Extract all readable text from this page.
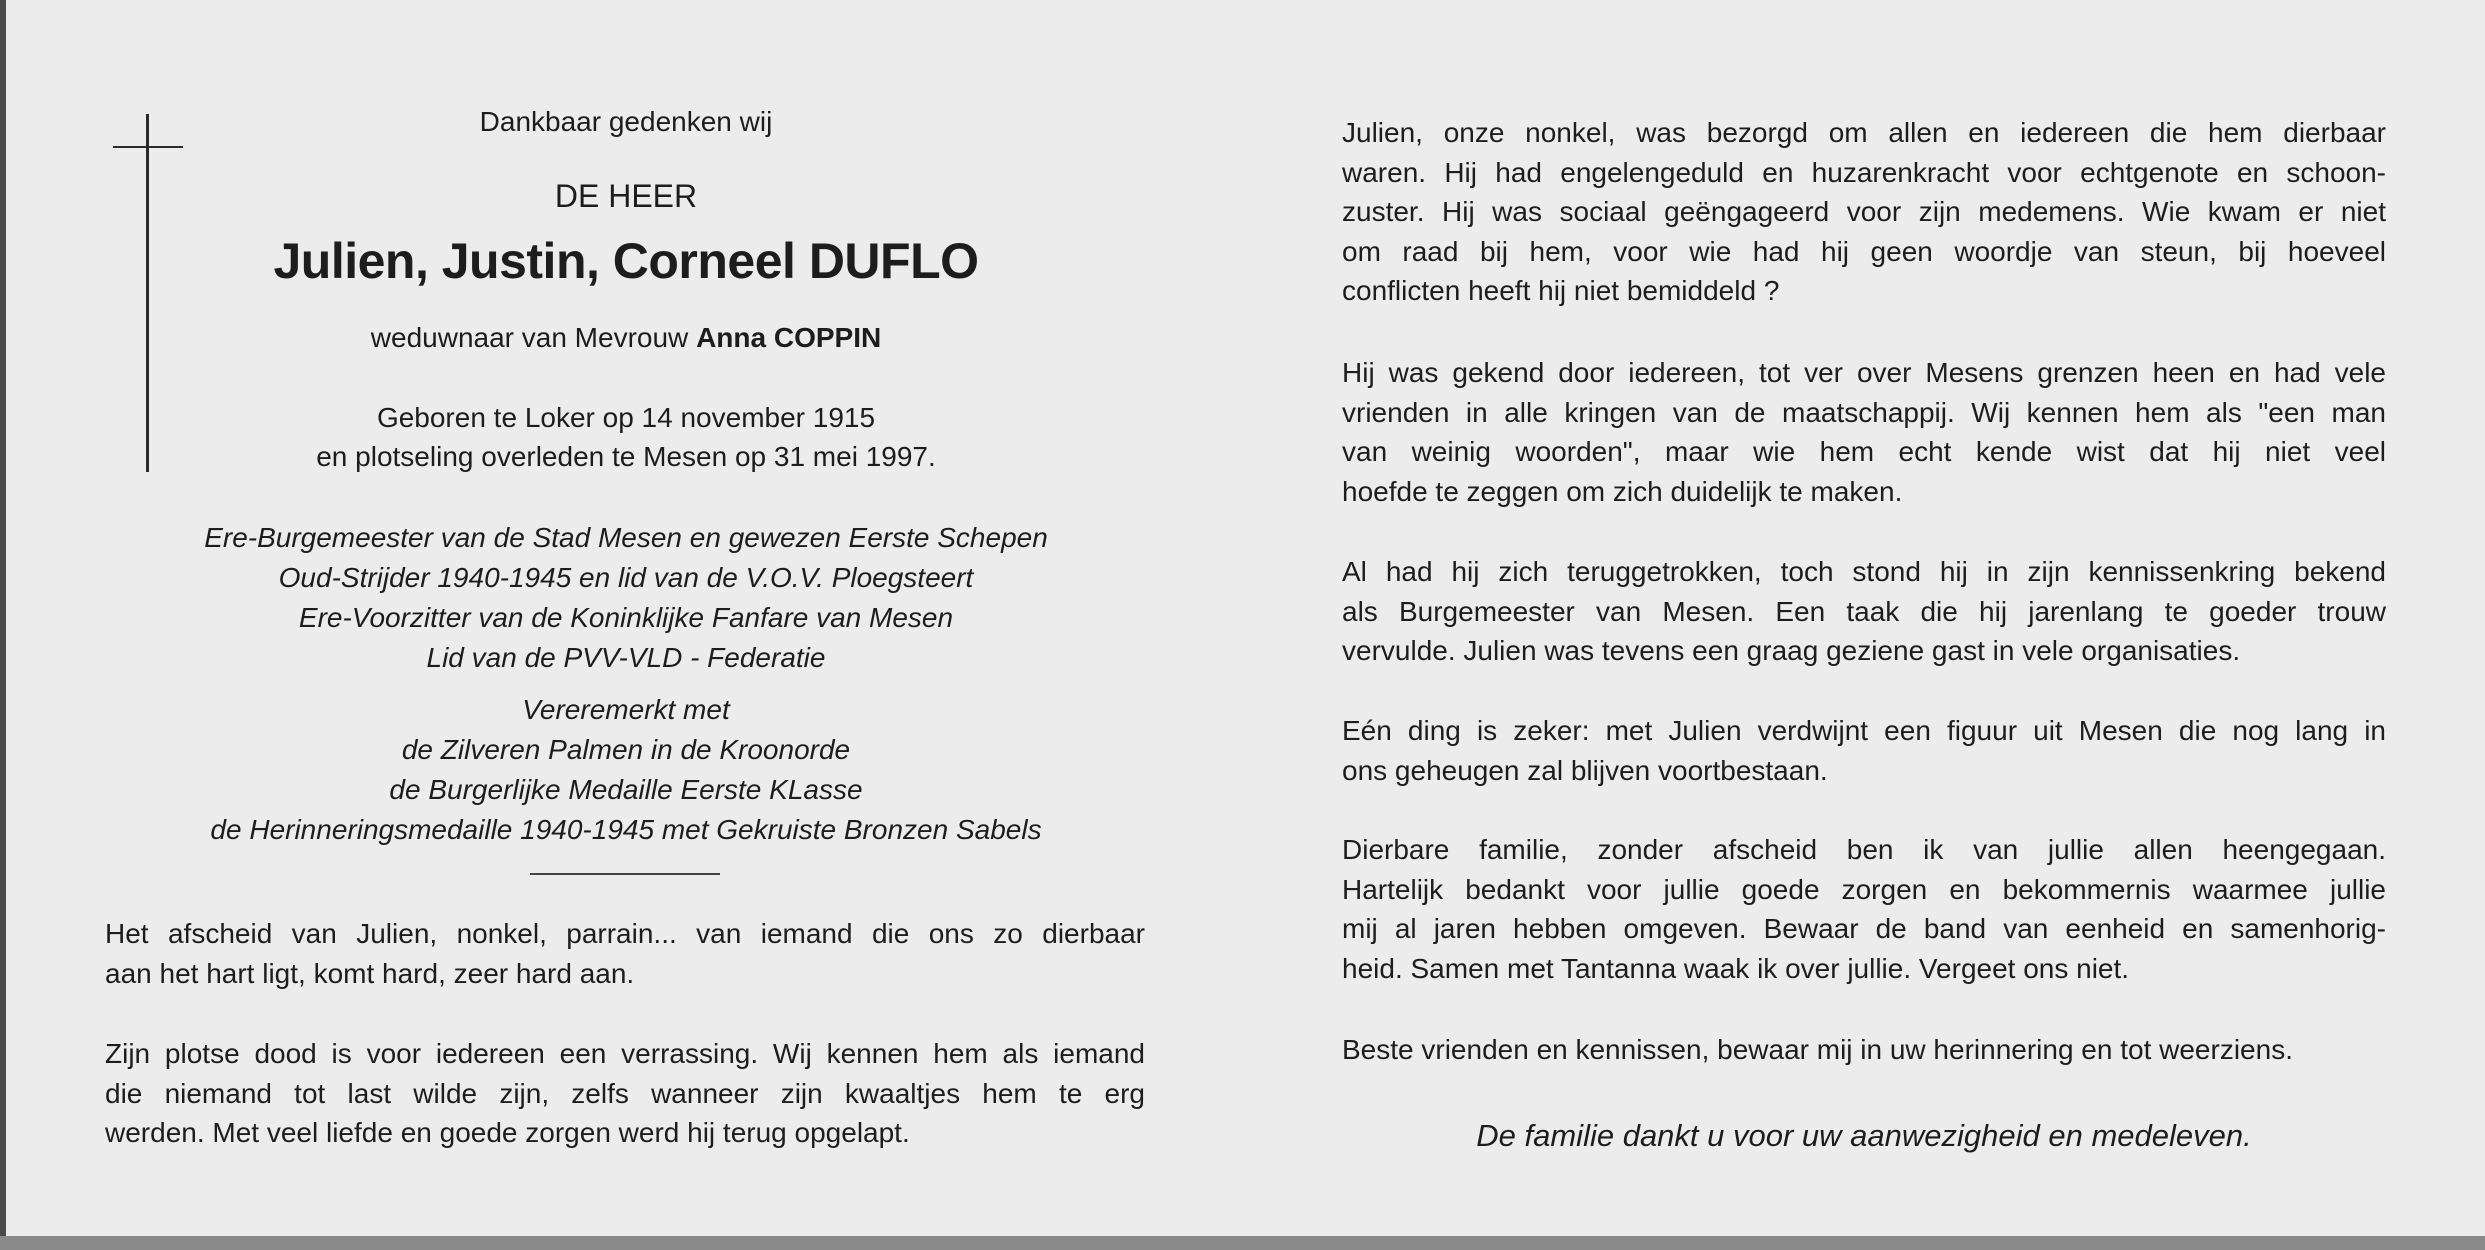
Dankbaar gedenken wij
DE HEER
Julien, Justin, Corneel DUFLO
weduwnaar van Mevrouw Anna COPPIN
Geboren te Loker op 14 november 1915
en plotseling overleden te Mesen op 31 mei 1997.
Ere-Burgemeester van de Stad Mesen en gewezen Eerste Schepen
Oud-Strijder 1940-1945 en lid van de V.O.V. Ploegsteert
Ere-Voorzitter van de Koninklijke Fanfare van Mesen
Lid van de PVV-VLD - Federatie
Vereremerkt met
de Zilveren Palmen in de Kroonorde
de Burgerlijke Medaille Eerste KLasse
de Herinneringsmedaille 1940-1945 met Gekruiste Bronzen Sabels
Het afscheid van Julien, nonkel, parrain... van iemand die ons zo dierbaar
aan het hart ligt, komt hard, zeer hard aan.
Zijn plotse dood is voor iedereen een verrassing. Wij kennen hem als iemand
die niemand tot last wilde zijn, zelfs wanneer zijn kwaaltjes hem te erg
werden. Met veel liefde en goede zorgen werd hij terug opgelapt.
Julien, onze nonkel, was bezorgd om allen en iedereen die hem dierbaar
waren. Hij had engelengeduld en huzarenkracht voor echtgenote en schoon-
zuster. Hij was sociaal geëngageerd voor zijn medemens. Wie kwam er niet
om raad bij hem, voor wie had hij geen woordje van steun, bij hoeveel
conflicten heeft hij niet bemiddeld ?
Hij was gekend door iedereen, tot ver over Mesens grenzen heen en had vele
vrienden in alle kringen van de maatschappij. Wij kennen hem als "een man
van weinig woorden", maar wie hem echt kende wist dat hij niet veel
hoefde te zeggen om zich duidelijk te maken.
Al had hij zich teruggetrokken, toch stond hij in zijn kennissenkring bekend
als Burgemeester van Mesen. Een taak die hij jarenlang te goeder trouw
vervulde. Julien was tevens een graag geziene gast in vele organisaties.
Eén ding is zeker: met Julien verdwijnt een figuur uit Mesen die nog lang in
ons geheugen zal blijven voortbestaan.
Dierbare familie, zonder afscheid ben ik van jullie allen heengegaan.
Hartelijk bedankt voor jullie goede zorgen en bekommernis waarmee jullie
mij al jaren hebben omgeven. Bewaar de band van eenheid en samenhorig-
heid. Samen met Tantanna waak ik over jullie. Vergeet ons niet.
Beste vrienden en kennissen, bewaar mij in uw herinnering en tot weerziens.
De familie dankt u voor uw aanwezigheid en medeleven.
